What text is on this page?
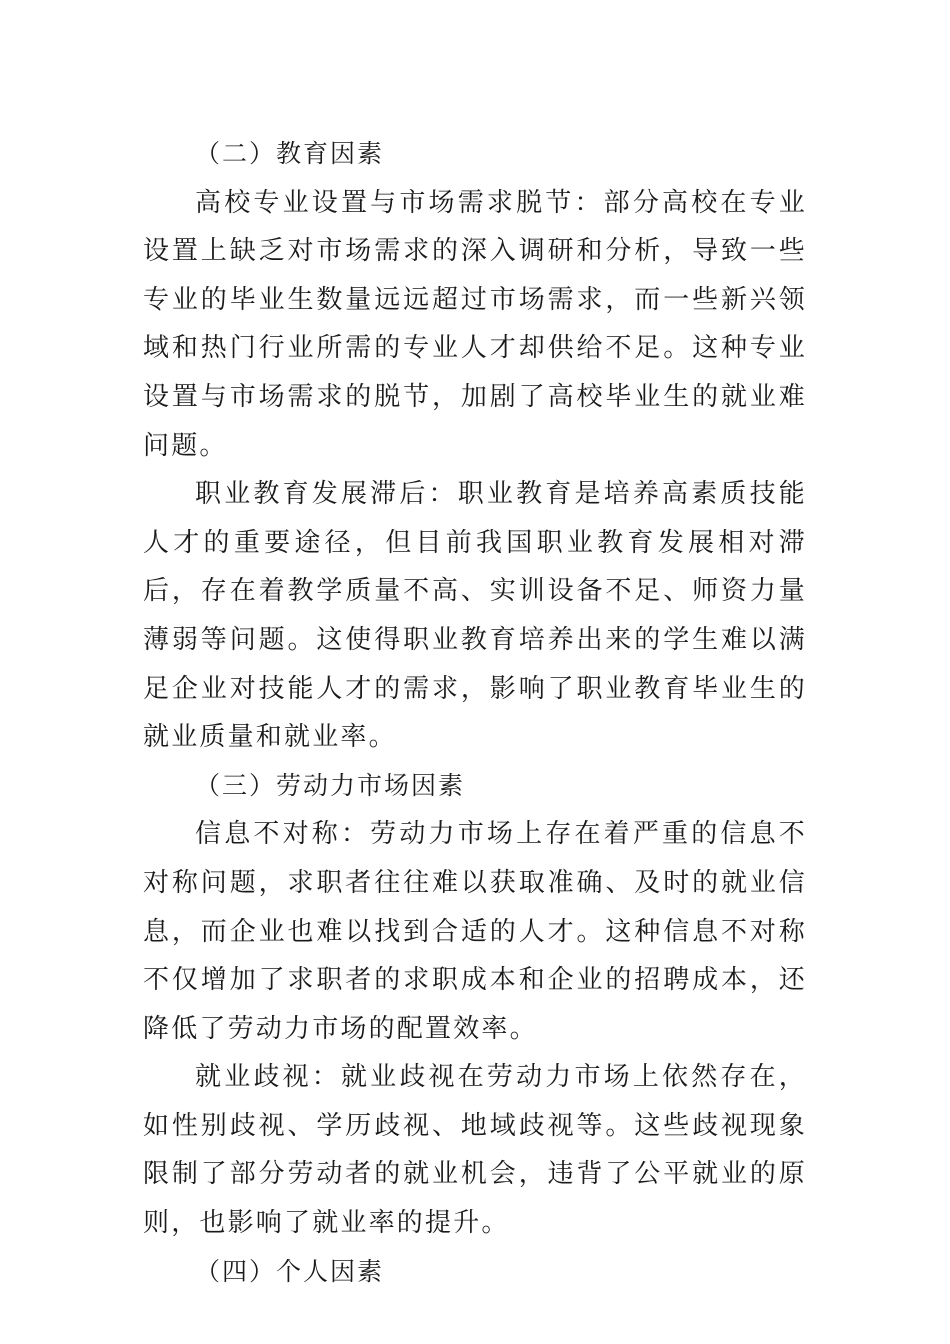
（二）教育因素

高校专业设置与市场需求脱节：部分高校在专业设置上缺乏对市场需求的深入调研和分析，导致一些专业的毕业生数量远远超过市场需求，而一些新兴领域和热门行业所需的专业人才却供给不足。这种专业设置与市场需求的脱节，加剧了高校毕业生的就业难问题。

职业教育发展滞后：职业教育是培养高素质技能人才的重要途径，但目前我国职业教育发展相对滞后，存在着教学质量不高、实训设备不足、师资力量薄弱等问题。这使得职业教育培养出来的学生难以满足企业对技能人才的需求，影响了职业教育毕业生的就业质量和就业率。

（三）劳动力市场因素

信息不对称：劳动力市场上存在着严重的信息不对称问题，求职者往往难以获取准确、及时的就业信息，而企业也难以找到合适的人才。这种信息不对称不仅增加了求职者的求职成本和企业的招聘成本，还降低了劳动力市场的配置效率。

就业歧视：就业歧视在劳动力市场上依然存在，如性别歧视、学历歧视、地域歧视等。这些歧视现象限制了部分劳动者的就业机会，违背了公平就业的原则，也影响了就业率的提升。

（四）个人因素
